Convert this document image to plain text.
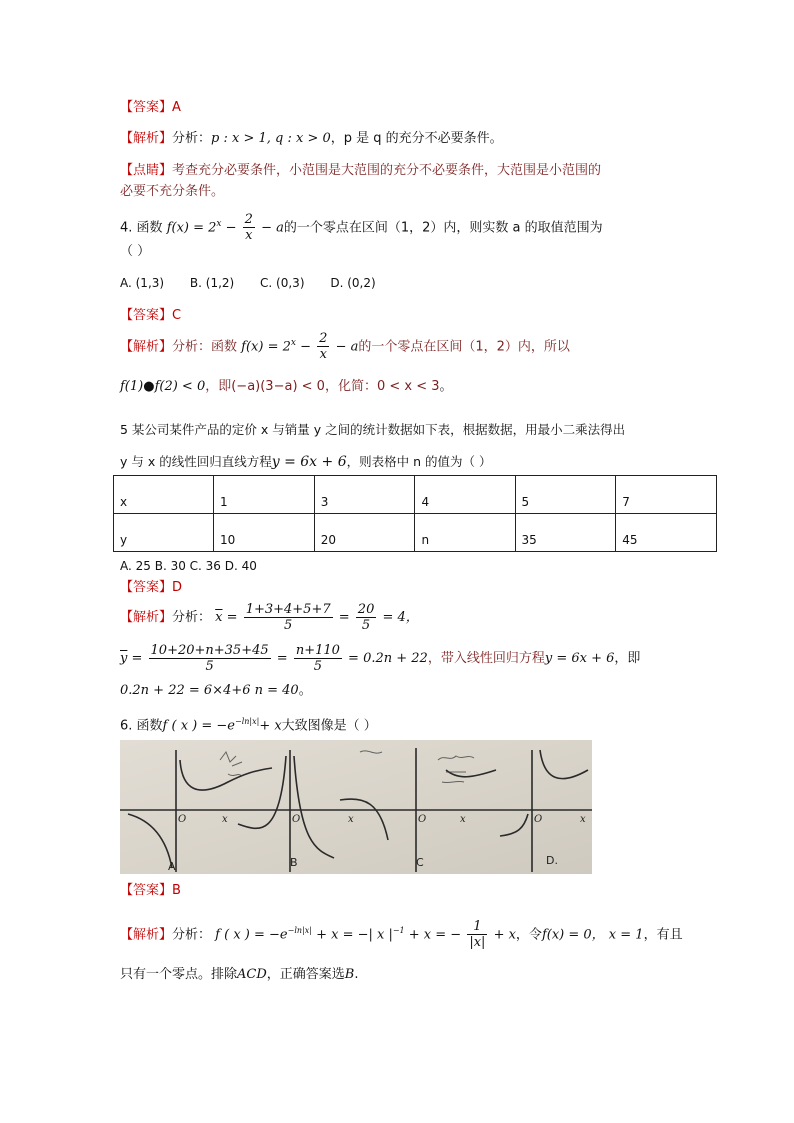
【答案】A
【解析】分析：p : x > 1, q : x > 0，p 是 q 的充分不必要条件。
【点睛】考查充分必要条件，小范围是大范围的充分不必要条件，大范围是小范围的
必要不充分条件。
4. 函数 $f(x) = 2^x - \frac{2}{x} - a$的一个零点在区间（1，2）内，则实数 a 的取值范围为
（ ）
A. (1,3) B. (1,2) C. (0,3) D. (0,2)
【答案】C
【解析】分析：函数 $f(x) = 2^x - \frac{2}{x} - a$的一个零点在区间（1，2）内，所以
f(1)●f(2) < 0，即(−a)(3−a) < 0，化简：0 < x < 3。
5 某公司某件产品的定价 x 与销量 y 之间的统计数据如下表，根据数据，用最小二乘法得出
y 与 x 的线性回归直线方程y = 6x + 6，则表格中 n 的值为（ ）
x	1	3	4	5	7
y	10	20	n	35	45
A. 25 B. 30 C. 36 D. 40
【答案】D
【解析】分析： $\overline{x} = \frac{1+3+4+5+7}{5} = \frac{20}{5} = 4$，
$\overline{y} = \frac{10+20+n+35+45}{5} = \frac{n+110}{5} = 0.2n + 22$，带入线性回归方程y = 6x + 6，即
0.2n + 22 = 6×4+6 n = 40。
6. 函数f ( x ) = $-e^{-ln|x|}+ x$大致图像是（ ）
O	x	O	x	O	x	O	x
A	B	C	D.
【答案】B
【解析】分析： f ( x ) = $-e^{-ln|x|} + x$ = −| x $|^{-1} + x$ = − $\frac{1}{|x|} + x$，令f(x) = 0， x = 1，有且
只有一个零点。排除ACD，正确答案选B.
